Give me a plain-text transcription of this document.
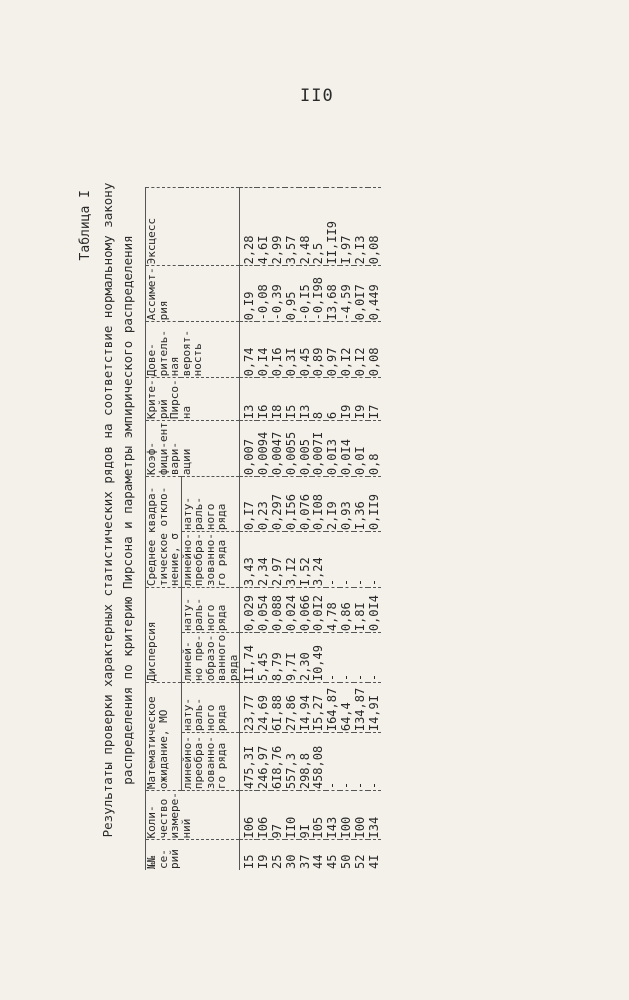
II0
Таблица I Результаты проверки характерных статистических рядов на соответствие нормальному закону распределения по критерию Пирсона и параметры эмпирического распределения
№№ се-рий	Коли-чество измере-ний	Математическое ожидание, МО		Дисперсия		Среднее квадра-тическое откло-нение, σ		Коэф-фици-ент вари-ации	Крите-рий Пирсо-на	Дове-ритель-ная вероят-ность	Ассимет-рия	Эксцесс
		линейно-преобра-зованно-го ряда	нату-раль-ного ряда	линей-но пре-образо-ванного ряда	нату-раль-ного ряда	линейно-преобра-зованно-го ряда	нату-раль-ного ряда					
I5	I06	475,3I	23,77	II,74	0,029	3,43	0,I7	0,007	I3	0,74	0,I9	2,28
I9	I06	246,97	24,69	5,45	0,054	2,34	0,23	0,0094	I6	0,I4	-0,08	4,6I
25	97	6I8,76	6I,88	8,79	0,088	2,97	0,297	0,0047	I8	0,I6	-0,39	2,99
30	II0	557,3	27,86	9,7I	0,024	3,I2	0,I56	0,0055	I5	0,3I	0,95	3,57
37	9I	298,8	I4,94	2,30	0,066	I,52	0,076	0,005	I3	0,45	-0,I5	2,48
44	I05	458,08	I5,27	I0,49	0,0I2	3,24	0,I08	0,007I	8	0,89	-0,I98	2,5
45	I43	-	I64,87	-	4,78	-	2,I9	0,0I3	6	0,97	I3,68	II,II9
50	I00	-	64,4	-	0,86	-	0,93	0,0I4	I9	0,I2	-4,59	I,97
52	I00	-	I34,87	-	I,8I	-	I,36	0,0I	I9	0,I2	0,0I7	2,I3
4I	I34	-	I4,9I	-	0,0I4	-	0,II9	0,8	I7	0,08	0,449	0,08
